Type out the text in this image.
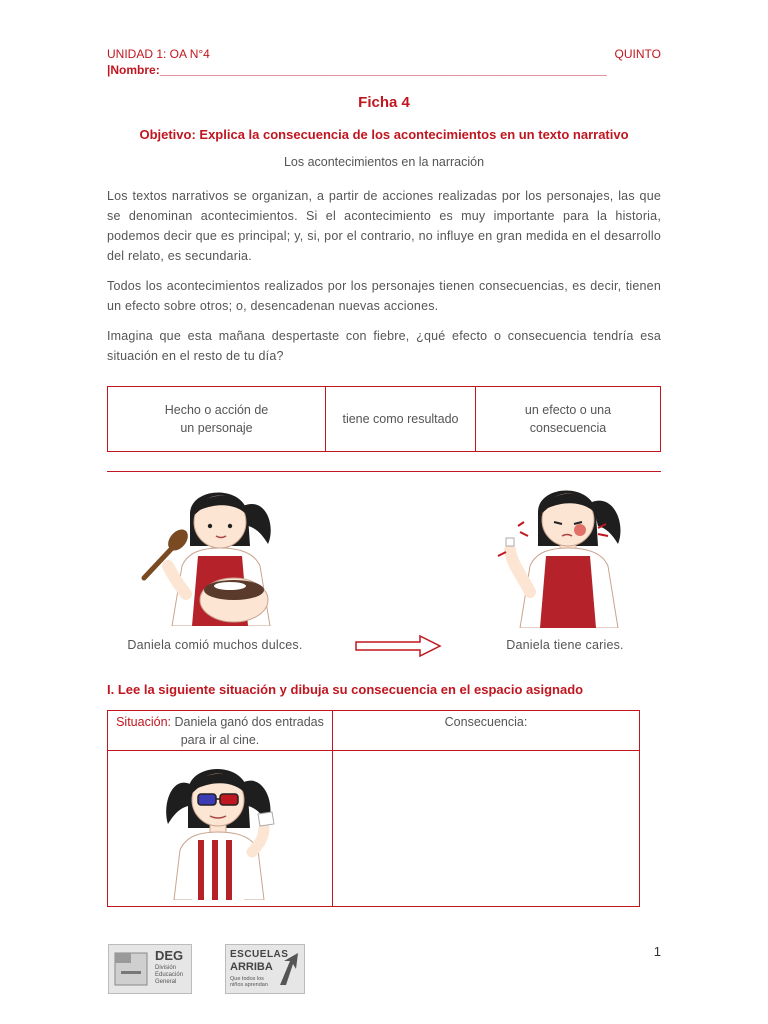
UNIDAD 1: OA N°4	QUINTO
|Nombre:___________________________________________________________________
Ficha 4
Objetivo: Explica la consecuencia de los acontecimientos en un texto narrativo
Los acontecimientos en la narración
Los textos narrativos se organizan, a partir de acciones realizadas por los personajes, las que se denominan acontecimientos. Si el acontecimiento es muy importante para la historia, podemos decir que es principal; y, si, por el contrario, no influye en gran medida en el desarrollo del relato, es secundaria.
Todos los acontecimientos realizados por los personajes tienen consecuencias, es decir, tienen un efecto sobre otros; o, desencadenan nuevas acciones.
Imagina que esta mañana despertaste con fiebre, ¿qué efecto o consecuencia tendría esa situación en el resto de tu día?
Hecho o acción de
un personaje	tiene como resultado	un efecto o una
consecuencia
Daniela comió muchos dulces.	Daniela tiene caries.
I. Lee la siguiente situación y dibuja su consecuencia en el espacio asignado
Situación: Daniela ganó dos entradas
para ir al cine.	Consecuencia:

1
DEG
División
Educación
General
ESCUELAS
ARRIBA
Que todos los
niños aprendan
